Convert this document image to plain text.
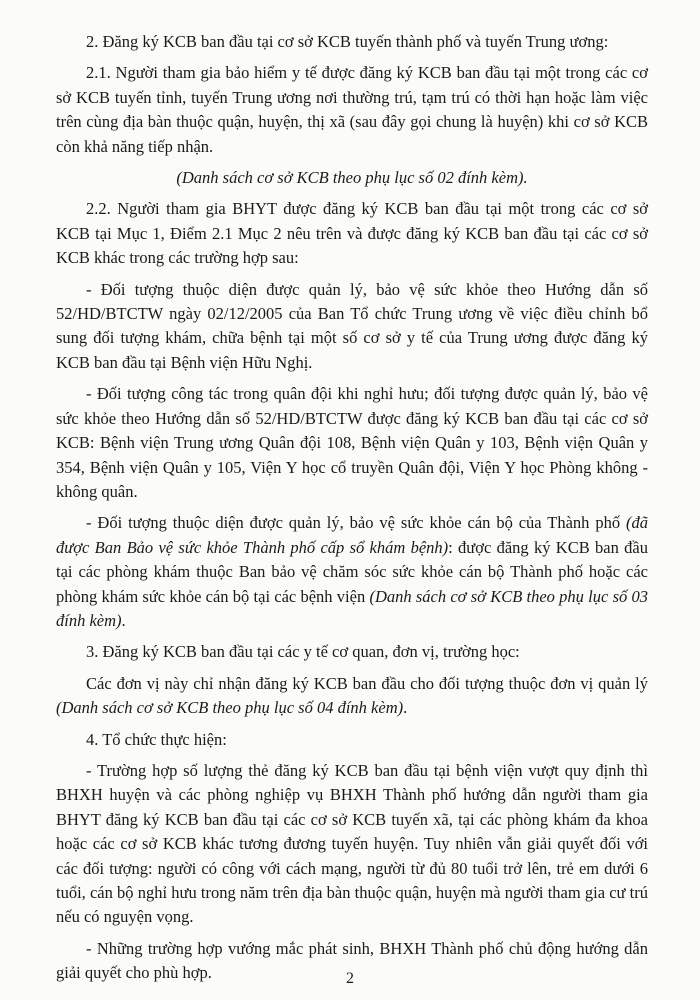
2. Đăng ký KCB ban đầu tại cơ sở KCB tuyến thành phố và tuyến Trung ương:

2.1. Người tham gia bảo hiểm y tế được đăng ký KCB ban đầu tại một trong các cơ sở KCB tuyến tỉnh, tuyến Trung ương nơi thường trú, tạm trú có thời hạn hoặc làm việc trên cùng địa bàn thuộc quận, huyện, thị xã (sau đây gọi chung là huyện) khi cơ sở KCB còn khả năng tiếp nhận.

(Danh sách cơ sở KCB theo phụ lục số 02 đính kèm).

2.2. Người tham gia BHYT được đăng ký KCB ban đầu tại một trong các cơ sở KCB tại Mục 1, Điểm 2.1 Mục 2 nêu trên và được đăng ký KCB ban đầu tại các cơ sở KCB khác trong các trường hợp sau:

- Đối tượng thuộc diện được quản lý, bảo vệ sức khỏe theo Hướng dẫn số 52/HD/BTCTW ngày 02/12/2005 của Ban Tổ chức Trung ương về việc điều chỉnh bổ sung đối tượng khám, chữa bệnh tại một số cơ sở y tế của Trung ương được đăng ký KCB ban đầu tại Bệnh viện Hữu Nghị.

- Đối tượng công tác trong quân đội khi nghỉ hưu; đối tượng được quản lý, bảo vệ sức khỏe theo Hướng dẫn số 52/HD/BTCTW được đăng ký KCB ban đầu tại các cơ sở KCB: Bệnh viện Trung ương Quân đội 108, Bệnh viện Quân y 103, Bệnh viện Quân y 354, Bệnh viện Quân y 105, Viện Y học cổ truyền Quân đội, Viện Y học Phòng không - không quân.

- Đối tượng thuộc diện được quản lý, bảo vệ sức khỏe cán bộ của Thành phố (đã được Ban Bảo vệ sức khỏe Thành phố cấp sổ khám bệnh): được đăng ký KCB ban đầu tại các phòng khám thuộc Ban bảo vệ chăm sóc sức khỏe cán bộ Thành phố hoặc các phòng khám sức khỏe cán bộ tại các bệnh viện (Danh sách cơ sở KCB theo phụ lục số 03 đính kèm).

3. Đăng ký KCB ban đầu tại các y tế cơ quan, đơn vị, trường học:

Các đơn vị này chỉ nhận đăng ký KCB ban đầu cho đối tượng thuộc đơn vị quản lý (Danh sách cơ sở KCB theo phụ lục số 04 đính kèm).

4. Tổ chức thực hiện:

- Trường hợp số lượng thẻ đăng ký KCB ban đầu tại bệnh viện vượt quy định thì BHXH huyện và các phòng nghiệp vụ BHXH Thành phố hướng dẫn người tham gia BHYT đăng ký KCB ban đầu tại các cơ sở KCB tuyến xã, tại các phòng khám đa khoa hoặc các cơ sở KCB khác tương đương tuyến huyện. Tuy nhiên vẫn giải quyết đối với các đối tượng: người có công với cách mạng, người từ đủ 80 tuổi trở lên, trẻ em dưới 6 tuổi, cán bộ nghỉ hưu trong năm trên địa bàn thuộc quận, huyện mà người tham gia cư trú nếu có nguyện vọng.

- Những trường hợp vướng mắc phát sinh, BHXH Thành phố chủ động hướng dẫn giải quyết cho phù hợp.	2
